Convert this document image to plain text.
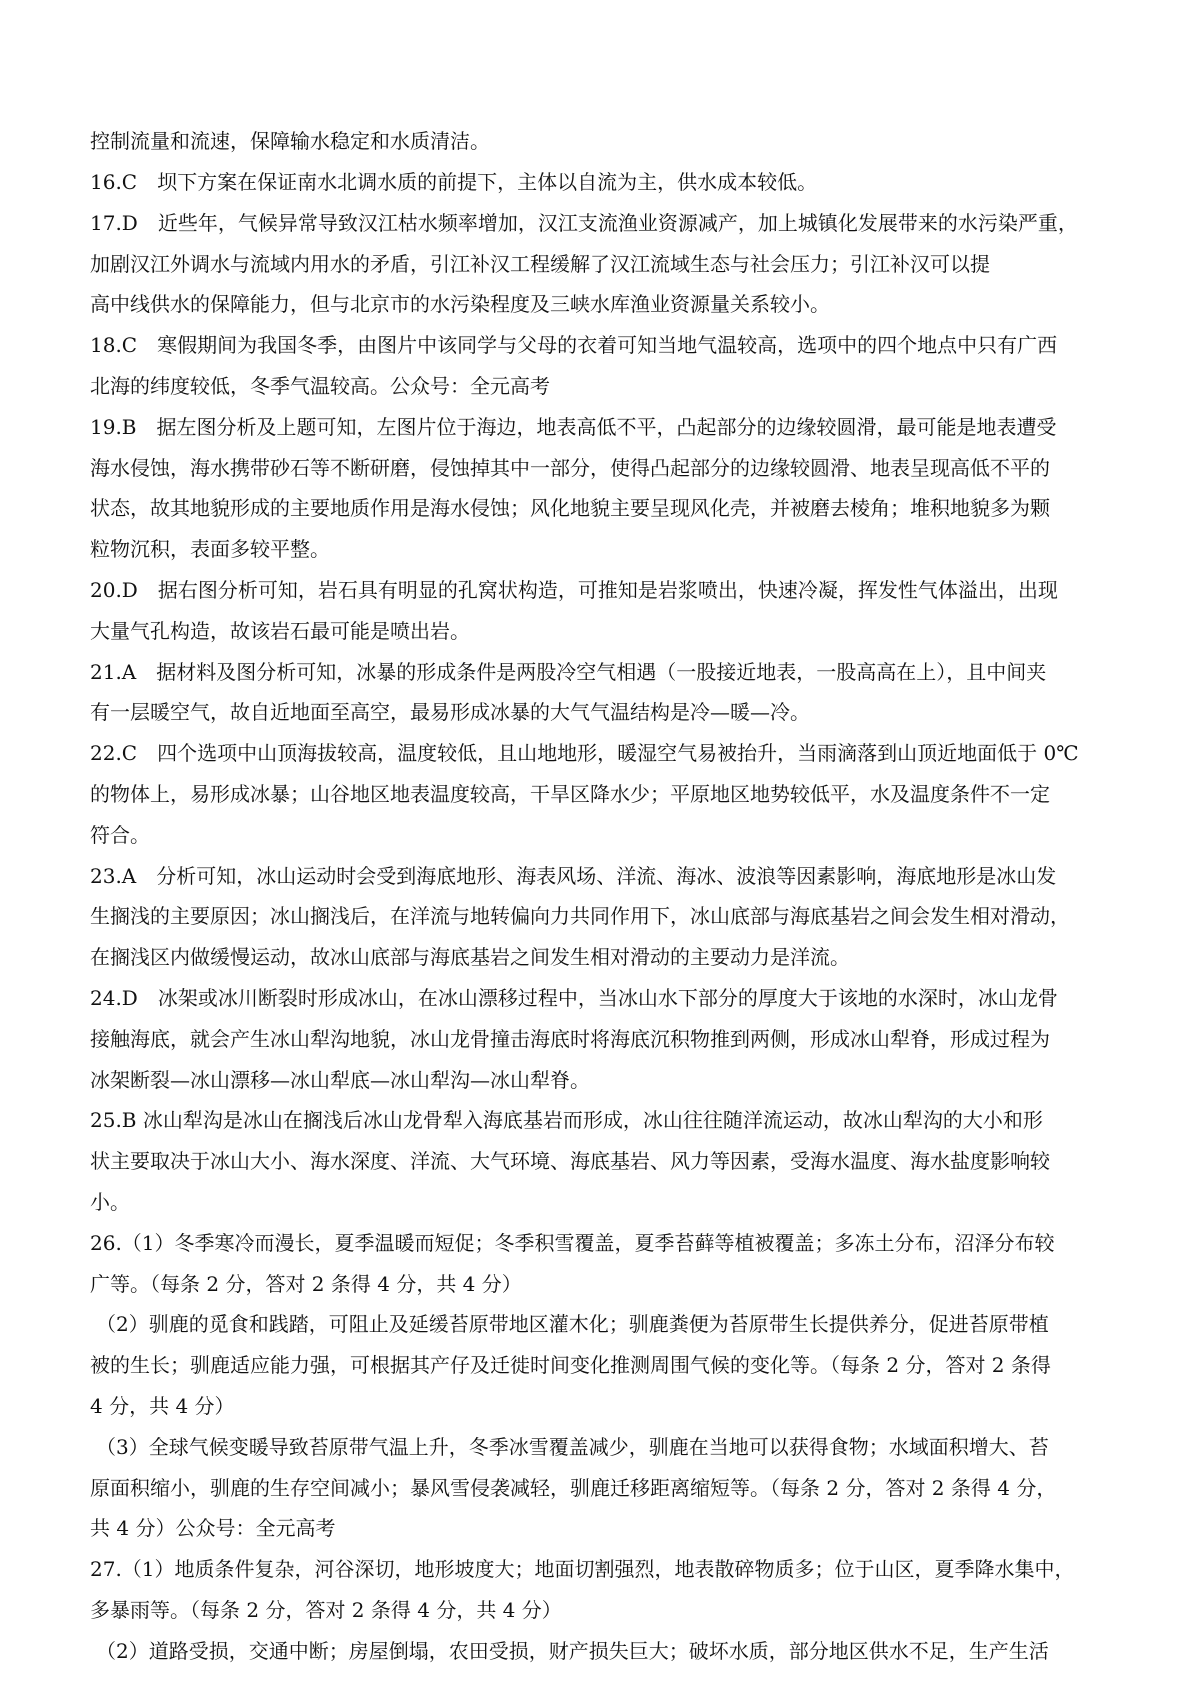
控制流量和流速，保障输水稳定和水质清洁。
16.C　坝下方案在保证南水北调水质的前提下，主体以自流为主，供水成本较低。
17.D　近些年，气候异常导致汉江枯水频率增加，汉江支流渔业资源减产，加上城镇化发展带来的水污染严重，
加剧汉江外调水与流域内用水的矛盾，引江补汉工程缓解了汉江流域生态与社会压力；引江补汉可以提
高中线供水的保障能力，但与北京市的水污染程度及三峡水库渔业资源量关系较小。
18.C　寒假期间为我国冬季，由图片中该同学与父母的衣着可知当地气温较高，选项中的四个地点中只有广西
北海的纬度较低，冬季气温较高。公众号：全元高考
19.B　据左图分析及上题可知，左图片位于海边，地表高低不平，凸起部分的边缘较圆滑，最可能是地表遭受
海水侵蚀，海水携带砂石等不断研磨，侵蚀掉其中一部分，使得凸起部分的边缘较圆滑、地表呈现高低不平的
状态，故其地貌形成的主要地质作用是海水侵蚀；风化地貌主要呈现风化壳，并被磨去棱角；堆积地貌多为颗
粒物沉积，表面多较平整。
20.D　据右图分析可知，岩石具有明显的孔窝状构造，可推知是岩浆喷出，快速冷凝，挥发性气体溢出，出现
大量气孔构造，故该岩石最可能是喷出岩。
21.A　据材料及图分析可知，冰暴的形成条件是两股冷空气相遇（一股接近地表，一股高高在上），且中间夹
有一层暖空气，故自近地面至高空，最易形成冰暴的大气气温结构是冷—暖—冷。
22.C　四个选项中山顶海拔较高，温度较低，且山地地形，暖湿空气易被抬升，当雨滴落到山顶近地面低于 0℃
的物体上，易形成冰暴；山谷地区地表温度较高，干旱区降水少；平原地区地势较低平，水及温度条件不一定
符合。
23.A　分析可知，冰山运动时会受到海底地形、海表风场、洋流、海冰、波浪等因素影响，海底地形是冰山发
生搁浅的主要原因；冰山搁浅后，在洋流与地转偏向力共同作用下，冰山底部与海底基岩之间会发生相对滑动，
在搁浅区内做缓慢运动，故冰山底部与海底基岩之间发生相对滑动的主要动力是洋流。
24.D　冰架或冰川断裂时形成冰山，在冰山漂移过程中，当冰山水下部分的厚度大于该地的水深时，冰山龙骨
接触海底，就会产生冰山犁沟地貌，冰山龙骨撞击海底时将海底沉积物推到两侧，形成冰山犁脊，形成过程为
冰架断裂—冰山漂移—冰山犁底—冰山犁沟—冰山犁脊。
25.B 冰山犁沟是冰山在搁浅后冰山龙骨犁入海底基岩而形成，冰山往往随洋流运动，故冰山犁沟的大小和形
状主要取决于冰山大小、海水深度、洋流、大气环境、海底基岩、风力等因素，受海水温度、海水盐度影响较
小。
26.（1）冬季寒冷而漫长，夏季温暖而短促；冬季积雪覆盖，夏季苔藓等植被覆盖；多冻土分布，沼泽分布较
广等。（每条 2 分，答对 2 条得 4 分，共 4 分）
（2）驯鹿的觅食和践踏，可阻止及延缓苔原带地区灌木化；驯鹿粪便为苔原带生长提供养分，促进苔原带植
被的生长；驯鹿适应能力强，可根据其产仔及迁徙时间变化推测周围气候的变化等。（每条 2 分，答对 2 条得
4 分，共 4 分）
（3）全球气候变暖导致苔原带气温上升，冬季冰雪覆盖减少，驯鹿在当地可以获得食物；水域面积增大、苔
原面积缩小，驯鹿的生存空间减小；暴风雪侵袭减轻，驯鹿迁移距离缩短等。（每条 2 分，答对 2 条得 4 分，
共 4 分）公众号：全元高考
27.（1）地质条件复杂，河谷深切，地形坡度大；地面切割强烈，地表散碎物质多；位于山区，夏季降水集中，
多暴雨等。（每条 2 分，答对 2 条得 4 分，共 4 分）
（2）道路受损，交通中断；房屋倒塌，农田受损，财产损失巨大；破坏水质，部分地区供水不足，生产生活
